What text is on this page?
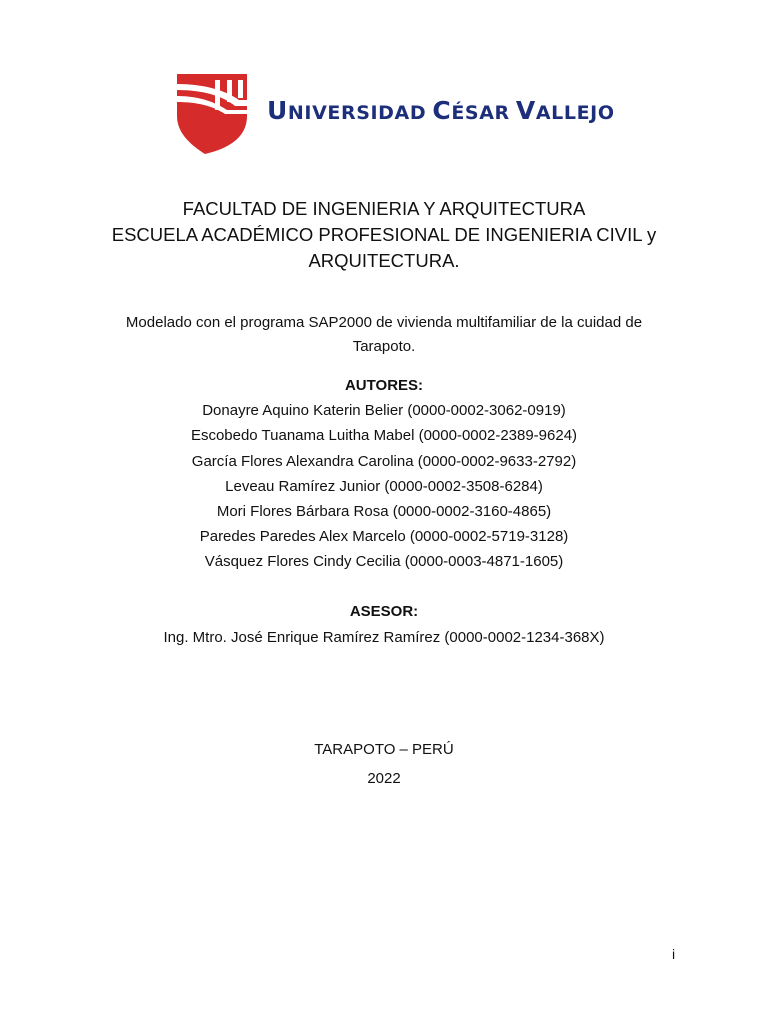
UNIVERSIDAD CÉSAR VALLEJO
FACULTAD DE INGENIERIA Y ARQUITECTURA
ESCUELA ACADÉMICO PROFESIONAL DE INGENIERIA CIVIL y
ARQUITECTURA.
Modelado con el programa SAP2000 de vivienda multifamiliar de la cuidad de
Tarapoto.
AUTORES:
Donayre Aquino Katerin Belier (0000-0002-3062-0919)
Escobedo Tuanama Luitha Mabel (0000-0002-2389-9624)
García Flores Alexandra Carolina (0000-0002-9633-2792)
Leveau Ramírez Junior (0000-0002-3508-6284)
Mori Flores Bárbara Rosa (0000-0002-3160-4865)
Paredes Paredes Alex Marcelo (0000-0002-5719-3128)
Vásquez Flores Cindy Cecilia (0000-0003-4871-1605)
ASESOR:
Ing. Mtro. José Enrique Ramírez Ramírez (0000-0002-1234-368X)
TARAPOTO – PERÚ
2022
i
